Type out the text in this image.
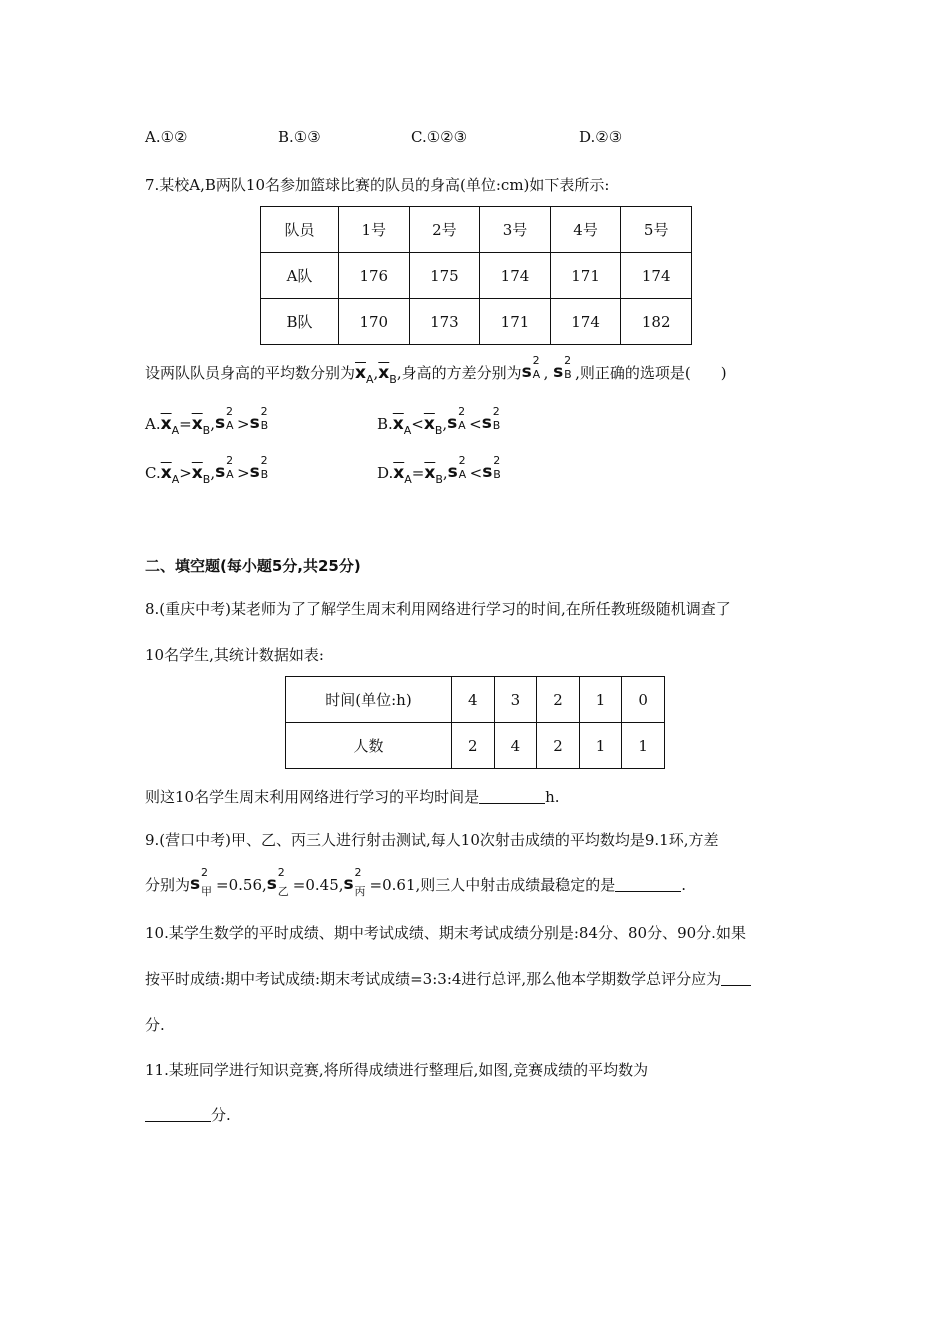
A.①②	B.①③	C.①②③	D.②③
7.某校A,B两队10名参加篮球比赛的队员的身高(单位:cm)如下表所示:
队员	1号	2号	3号	4号	5号
A队	176	175	174	171	174
B队	170	173	171	174	182
设两队队员身高的平均数分别为$\overline{x}_A,\overline{x}_B$,身高的方差分别为 s
2
A , s
2
B ,则正确的选项是(　　)
$A.\overline{x}_A=\overline{x}_B$, s
2
A > s
2
B	$B.\overline{x}_A<\overline{x}_B$, s
2
A < s
2
B
$C.\overline{x}_A>\overline{x}_B$, s
2
A > s
2
B	$D.\overline{x}_A=\overline{x}_B$, s
2
A < s
2
B
二、填空题(每小题5分,共25分)
8.(重庆中考)某老师为了了解学生周末利用网络进行学习的时间,在所任教班级随机调查了
10名学生,其统计数据如表:
时间(单位:h)	4	3	2	1	0
人数	2	4	2	1	1
则这10名学生周末利用网络进行学习的平均时间是	h.
9.(营口中考)甲、乙、丙三人进行射击测试,每人10次射击成绩的平均数均是9.1环,方差
分别为 s
2
甲 =0.56, s
2
乙 =0.45, s
2
丙 =0.61,则三人中射击成绩最稳定的是	.
10.某学生数学的平时成绩、期中考试成绩、期末考试成绩分别是:84分、80分、90分.如果
按平时成绩:期中考试成绩:期末考试成绩=3:3:4进行总评,那么他本学期数学总评分应为
分.
11.某班同学进行知识竞赛,将所得成绩进行整理后,如图,竞赛成绩的平均数为
分.
